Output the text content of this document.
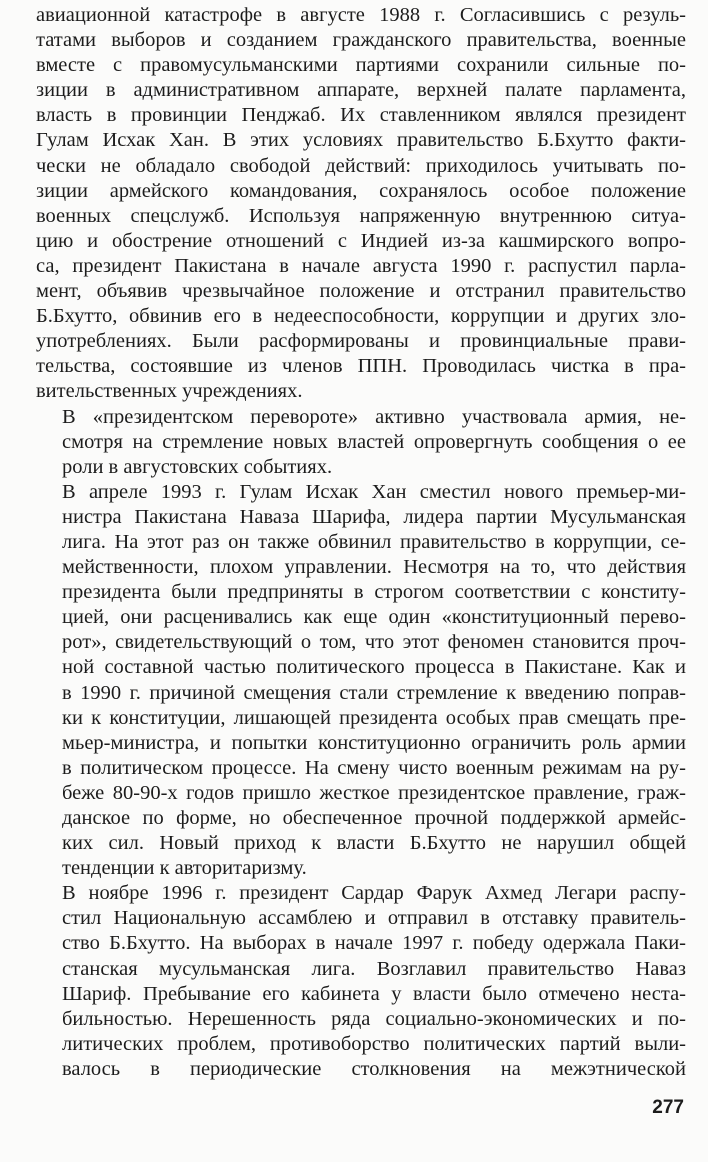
авиационной катастрофе в августе 1988 г. Согласившись с резуль-
татами выборов и созданием гражданского правительства, военные
вместе с правомусульманскими партиями сохранили сильные по-
зиции в административном аппарате, верхней палате парламента,
власть в провинции Пенджаб. Их ставленником являлся президент
Гулам Исхак Хан. В этих условиях правительство Б.Бхутто факти-
чески не обладало свободой действий: приходилось учитывать по-
зиции армейского командования, сохранялось особое положение
военных спецслужб. Используя напряженную внутреннюю ситуа-
цию и обострение отношений с Индией из-за кашмирского вопро-
са, президент Пакистана в начале августа 1990 г. распустил парла-
мент, объявив чрезвычайное положение и отстранил правительство
Б.Бхутто, обвинив его в недееспособности, коррупции и других зло-
употреблениях. Были расформированы и провинциальные прави-
тельства, состоявшие из членов ППН. Проводилась чистка в пра-
вительственных учреждениях.
В «президентском перевороте» активно участвовала армия, не-
смотря на стремление новых властей опровергнуть сообщения о ее
роли в августовских событиях.
В апреле 1993 г. Гулам Исхак Хан сместил нового премьер-ми-
нистра Пакистана Наваза Шарифа, лидера партии Мусульманская
лига. На этот раз он также обвинил правительство в коррупции, се-
мейственности, плохом управлении. Несмотря на то, что действия
президента были предприняты в строгом соответствии с конститу-
цией, они расценивались как еще один «конституционный перево-
рот», свидетельствующий о том, что этот феномен становится проч-
ной составной частью политического процесса в Пакистане. Как и
в 1990 г. причиной смещения стали стремление к введению поправ-
ки к конституции, лишающей президента особых прав смещать пре-
мьер-министра, и попытки конституционно ограничить роль армии
в политическом процессе. На смену чисто военным режимам на ру-
беже 80-90-х годов пришло жесткое президентское правление, граж-
данское по форме, но обеспеченное прочной поддержкой армейс-
ких сил. Новый приход к власти Б.Бхутто не нарушил общей
тенденции к авторитаризму.
В ноябре 1996 г. президент Сардар Фарук Ахмед Легари распу-
стил Национальную ассамблею и отправил в отставку правитель-
ство Б.Бхутто. На выборах в начале 1997 г. победу одержала Паки-
станская мусульманская лига. Возглавил правительство Наваз
Шариф. Пребывание его кабинета у власти было отмечено неста-
бильностью. Нерешенность ряда социально-экономических и по-
литических проблем, противоборство политических партий выли-
валось в периодические столкновения на межэтнической
277
